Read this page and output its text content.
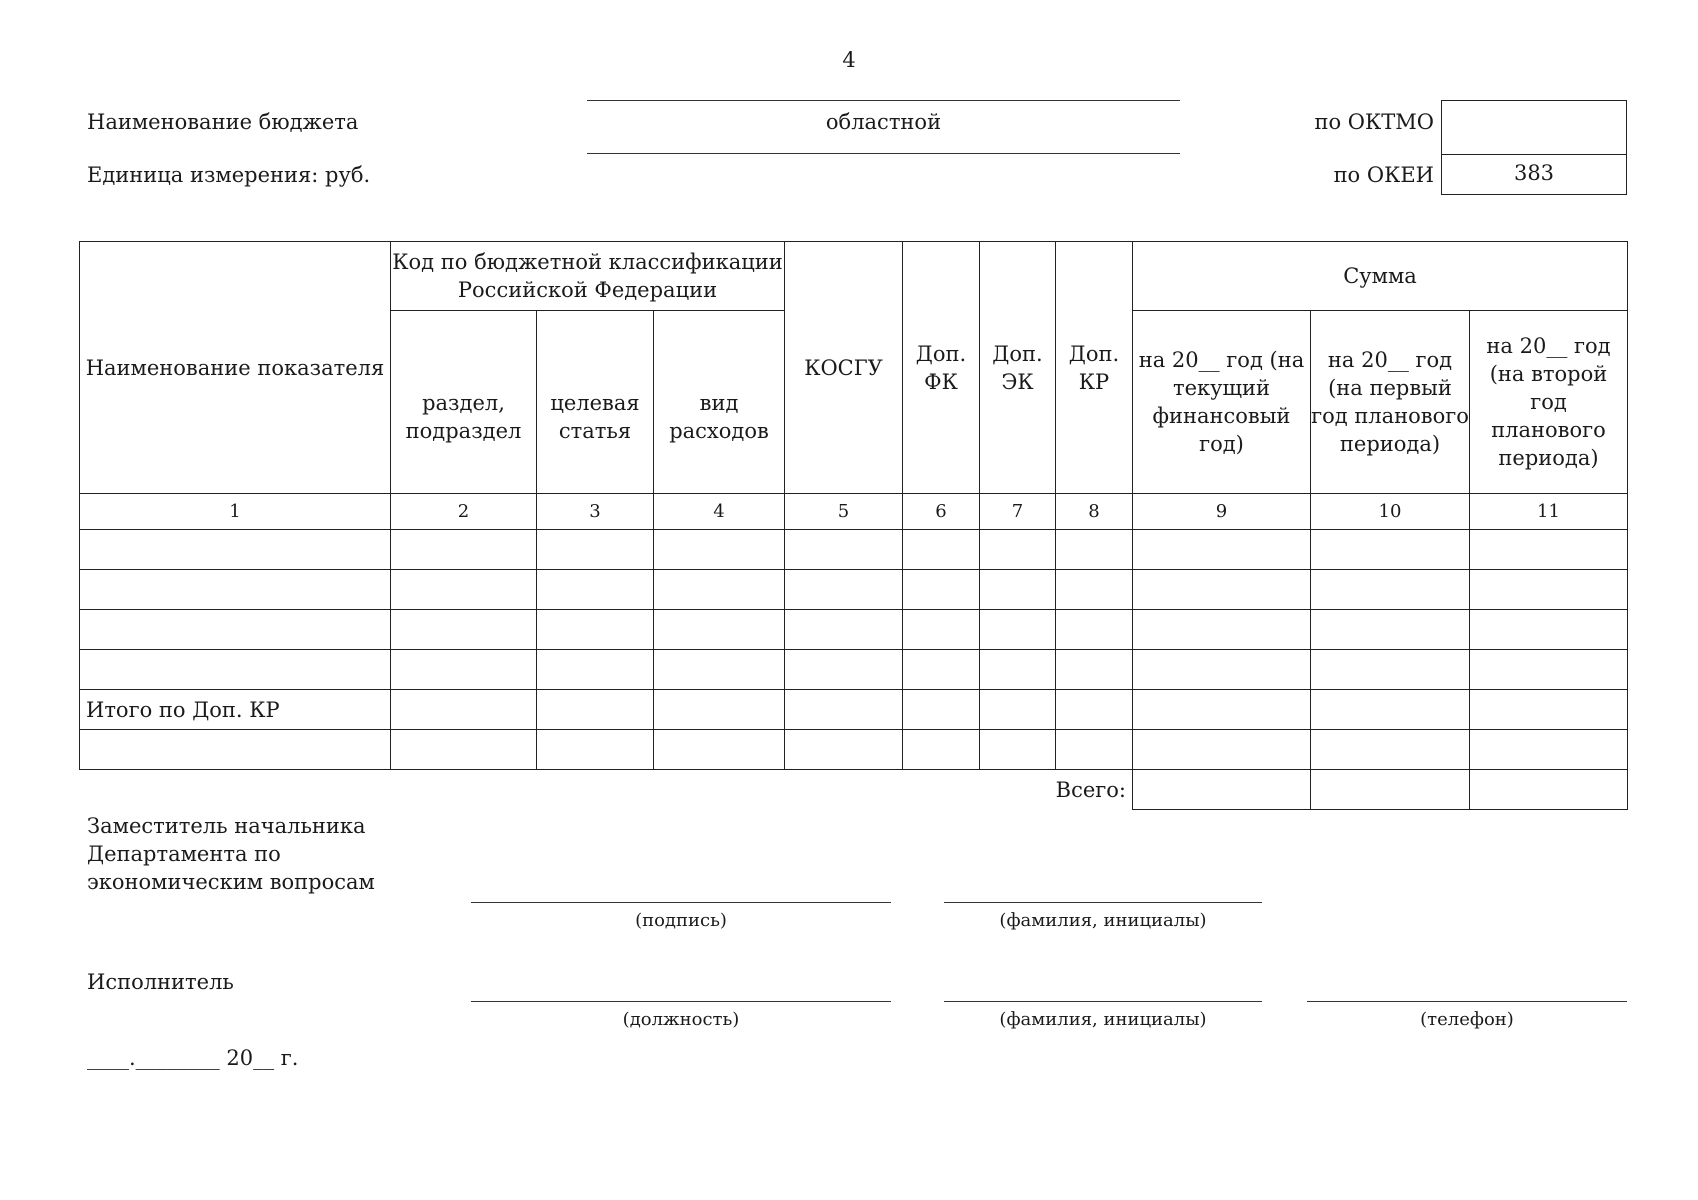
4
Наименование бюджета	областной
Единица измерения: руб.
по ОКТМО
по ОКЕИ	383
Наименование показателя	Код по бюджетной классификации Российской Федерации			КОСГУ	Доп. ФК	Доп. ЭК	Доп. КР	Сумма		
	раздел, подраздел	целевая статья	вид расходов					на 20__ год (на текущий финансовый год)	на 20__ год (на первый год планового периода)	на 20__ год (на второй год планового периода)
1	2	3	4	5	6	7	8	9	10	11

Итого по Доп. КР										

Всего:										
Заместитель начальника Департамента по экономическим вопросам
(подпись)	(фамилия, инициалы)
Исполнитель
(должность)	(фамилия, инициалы)	(телефон)
____.________ 20__ г.
